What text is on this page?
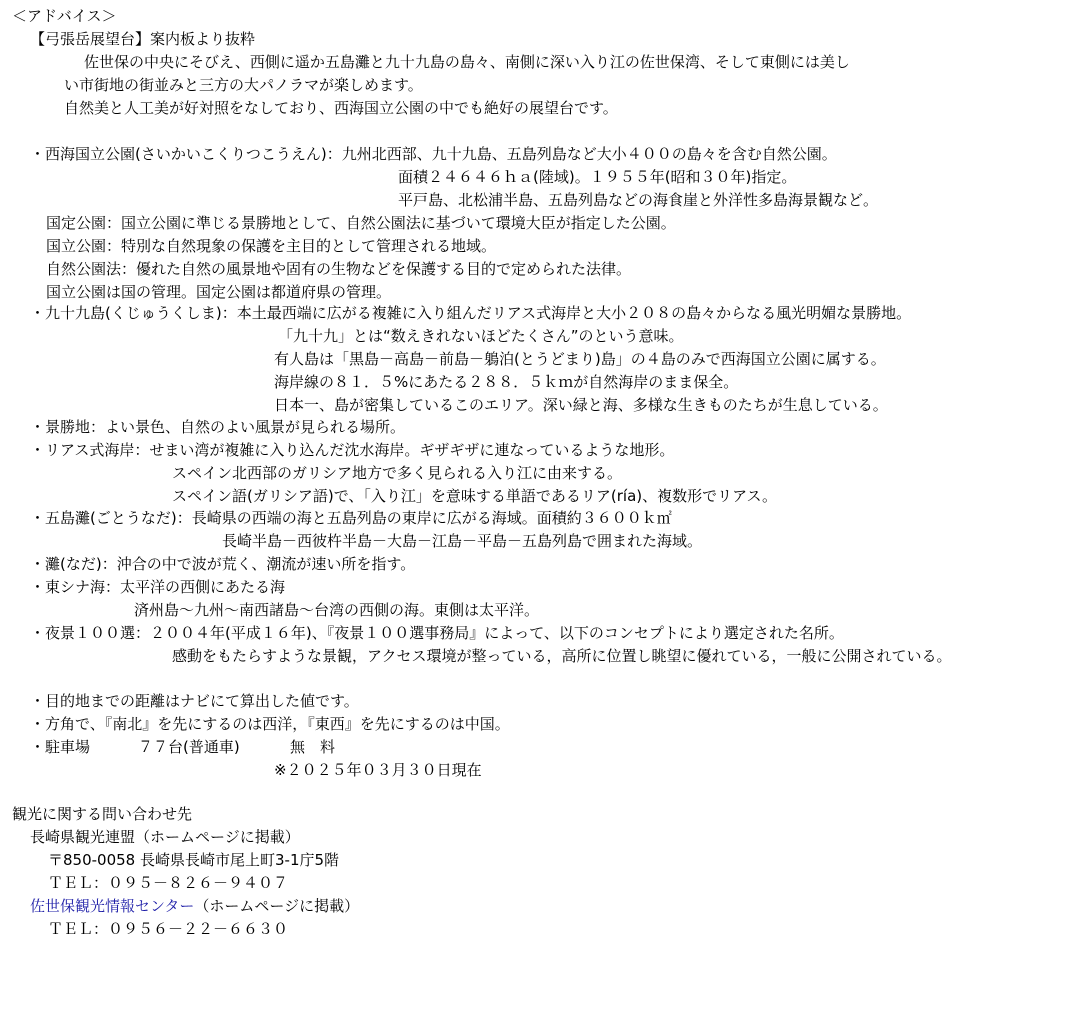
＜アドバイス＞
【弓張岳展望台】案内板より抜粋
佐世保の中央にそびえ、西側に遥か五島灘と九十九島の島々、南側に深い入り江の佐世保湾、そして東側には美し
い市街地の街並みと三方の大パノラマが楽しめます。
自然美と人工美が好対照をなしており、西海国立公園の中でも絶好の展望台です。
・西海国立公園(さいかいこくりつこうえん)：九州北西部、九十九島、五島列島など大小４００の島々を含む自然公園。
面積２４６４６ｈａ(陸域)。１９５５年(昭和３０年)指定。
平戸島、北松浦半島、五島列島などの海食崖と外洋性多島海景観など。
国定公園：国立公園に準じる景勝地として、自然公園法に基づいて環境大臣が指定した公園。
国立公園：特別な自然現象の保護を主目的として管理される地域。
自然公園法：優れた自然の風景地や固有の生物などを保護する目的で定められた法律。
国立公園は国の管理。国定公園は都道府県の管理。
・九十九島(くじゅうくしま)：本土最西端に広がる複雑に入り組んだリアス式海岸と大小２０８の島々からなる風光明媚な景勝地。
「九十九」とは“数えきれないほどたくさん”のという意味。
有人島は「黒島－高島－前島－鵢泊(とうどまり)島」の４島のみで西海国立公園に属する。
海岸線の８１．５%にあたる２８８．５ｋｍが自然海岸のまま保全。
日本一、島が密集しているこのエリア。深い緑と海、多様な生きものたちが生息している。
・景勝地：よい景色、自然のよい風景が見られる場所。
・リアス式海岸：せまい湾が複雑に入り込んだ沈水海岸。ギザギザに連なっているような地形。
スペイン北西部のガリシア地方で多く見られる入り江に由来する。
スペイン語(ガリシア語)で、「入り江」を意味する単語であるリア(ría)、複数形でリアス。
・五島灘(ごとうなだ)：長崎県の西端の海と五島列島の東岸に広がる海域。面積約３６００ｋ㎡
長崎半島－西彼杵半島－大島－江島－平島－五島列島で囲まれた海域。
・灘(なだ)：沖合の中で波が荒く、潮流が速い所を指す。
・東シナ海：太平洋の西側にあたる海
済州島～九州～南西諸島～台湾の西側の海。東側は太平洋。
・夜景１００選：２００４年(平成１６年)、『夜景１００選事務局』によって、以下のコンセプトにより選定された名所。
感動をもたらすような景観，アクセス環境が整っている，高所に位置し眺望に優れている，一般に公開されている。
・目的地までの距離はナビにて算出した値です。
・方角で、『南北』を先にするのは西洋，『東西』を先にするのは中国。
・駐車場	７７台(普通車)	無　料
※２０２５年０３月３０日現在
観光に関する問い合わせ先
長崎県観光連盟（ホームページに掲載）
〒850-0058 長崎県長崎市尾上町3-1庁5階
ＴＥＬ：０９５－８２６－９４０７
佐世保観光情報センター（ホームページに掲載）
ＴＥＬ：０９５６－２２－６６３０
